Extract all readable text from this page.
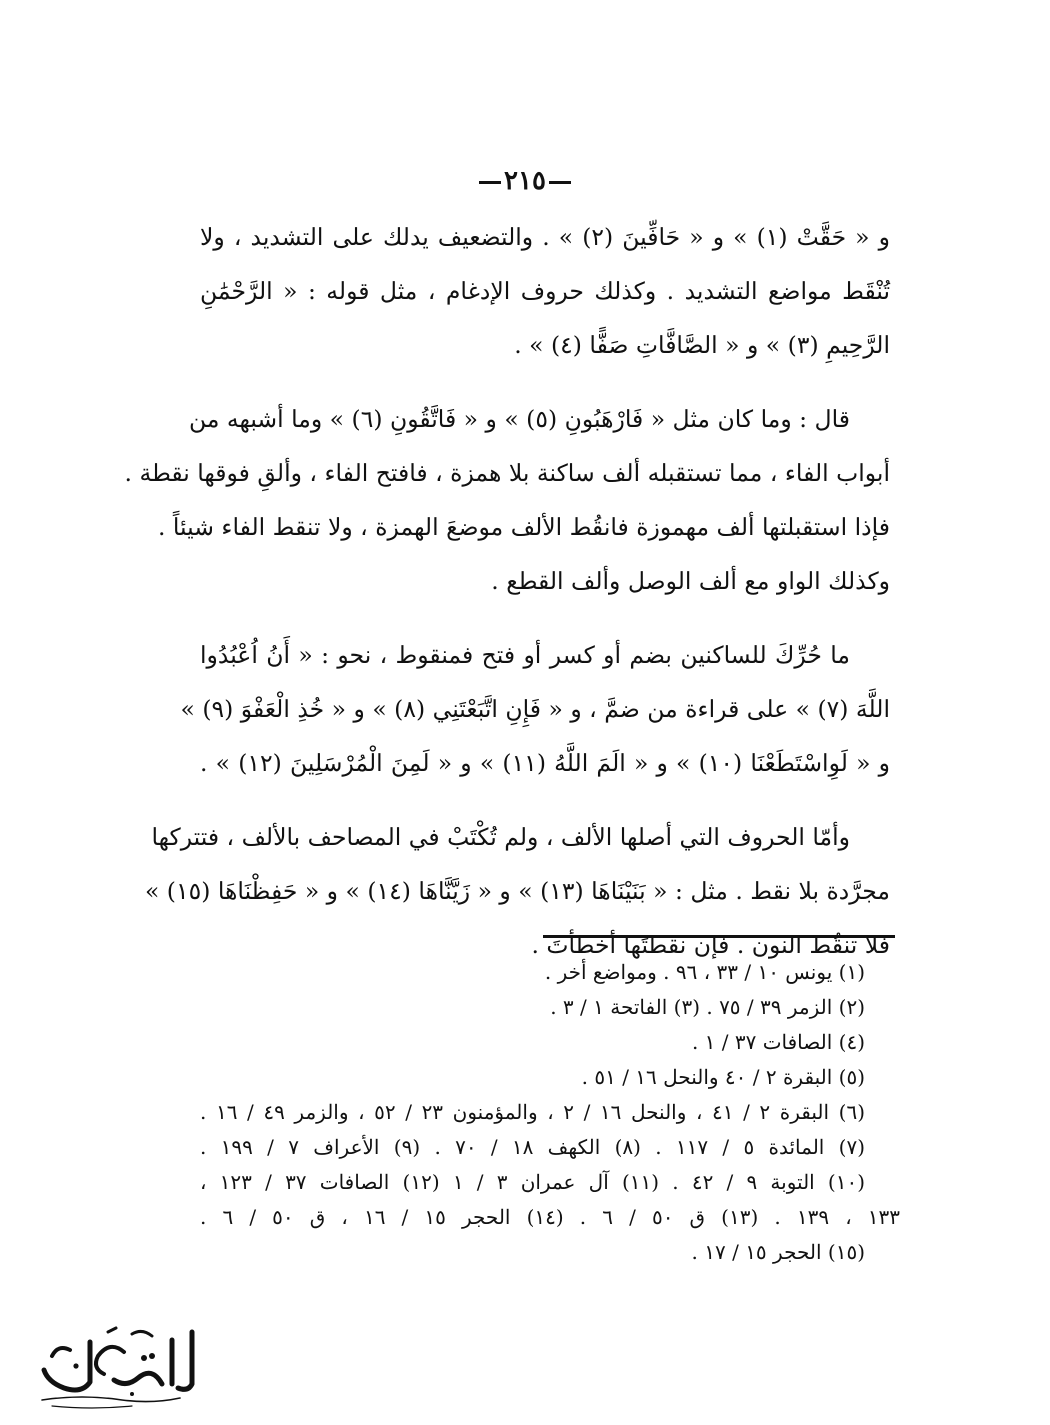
٢١٥

و « حَقَّتْ (١) » و « حَافِّينَ (٢) » . والتضعيف يدلك على التشديد ، ولا
تُنْقَط مواضع التشديد . وكذلك حروف الإدغام ، مثل قوله : « الرَّحْمَٰنِ
الرَّحِيمِ (٣) » و « الصَّافَّاتِ صَفًّا (٤) » .

قال : وما كان مثل « فَارْهَبُونِ (٥) » و « فَاتَّقُونِ (٦) » وما أشبهه من
أبواب الفاء ، مما تستقبله ألف ساكنة بلا همزة ، فافتح الفاء ، وألقِ فوقها نقطة .
فإذا استقبلتها ألف مهموزة فانقُط الألف موضعَ الهمزة ، ولا تنقط الفاء شيئاً .
وكذلك الواو مع ألف الوصل وألف القطع .

ما حُرِّكَ للساكنين بضم أو كسر أو فتح فمنقوط ، نحو : « أَنُ اُعْبُدُوا
اللَّهَ (٧) » على قراءة من ضمَّ ، و « فَإِنِ اتَّبَعْتَنِي (٨) » و « خُذِ الْعَفْوَ (٩) »
و « لَوِاسْتَطَعْنَا (١٠) » و « الَمَ اللَّهُ (١١) » و « لَمِنَ الْمُرْسَلِينَ (١٢) » .

وأمّا الحروف التي أصلها الألف ، ولم تُكْتَبْ في المصاحف بالألف ، فتتركها
مجرَّدة بلا نقط . مثل : « بَنَيْنَاهَا (١٣) » و « زَيَّنَّاهَا (١٤) » و « حَفِظْنَاهَا (١٥) »
فلا تنقُط النون . فإن نقطتَها أخطأتَ .

(١) يونس ١٠ / ٣٣ ، ٩٦ . ومواضع أخر .
(٢) الزمر ٣٩ / ٧٥ . (٣) الفاتحة ١ / ٣ .
(٤) الصافات ٣٧ / ١ .
(٥) البقرة ٢ / ٤٠ والنحل ١٦ / ٥١ .
(٦) البقرة ٢ / ٤١ ، والنحل ١٦ / ٢ ، والمؤمنون ٢٣ / ٥٢ ، والزمر ٤٩ / ١٦ .
(٧) المائدة ٥ / ١١٧ . (٨) الكهف ١٨ / ٧٠ . (٩) الأعراف ٧ / ١٩٩ .
(١٠) التوبة ٩ / ٤٢ . (١١) آل عمران ٣ / ١ (١٢) الصافات ٣٧ / ١٢٣ ،
١٣٣ ، ١٣٩ . (١٣) ق ٥٠ / ٦ . (١٤) الحجر ١٥ / ١٦ ، ق ٥٠ / ٦ .
(١٥) الحجر ١٥ / ١٧ .
